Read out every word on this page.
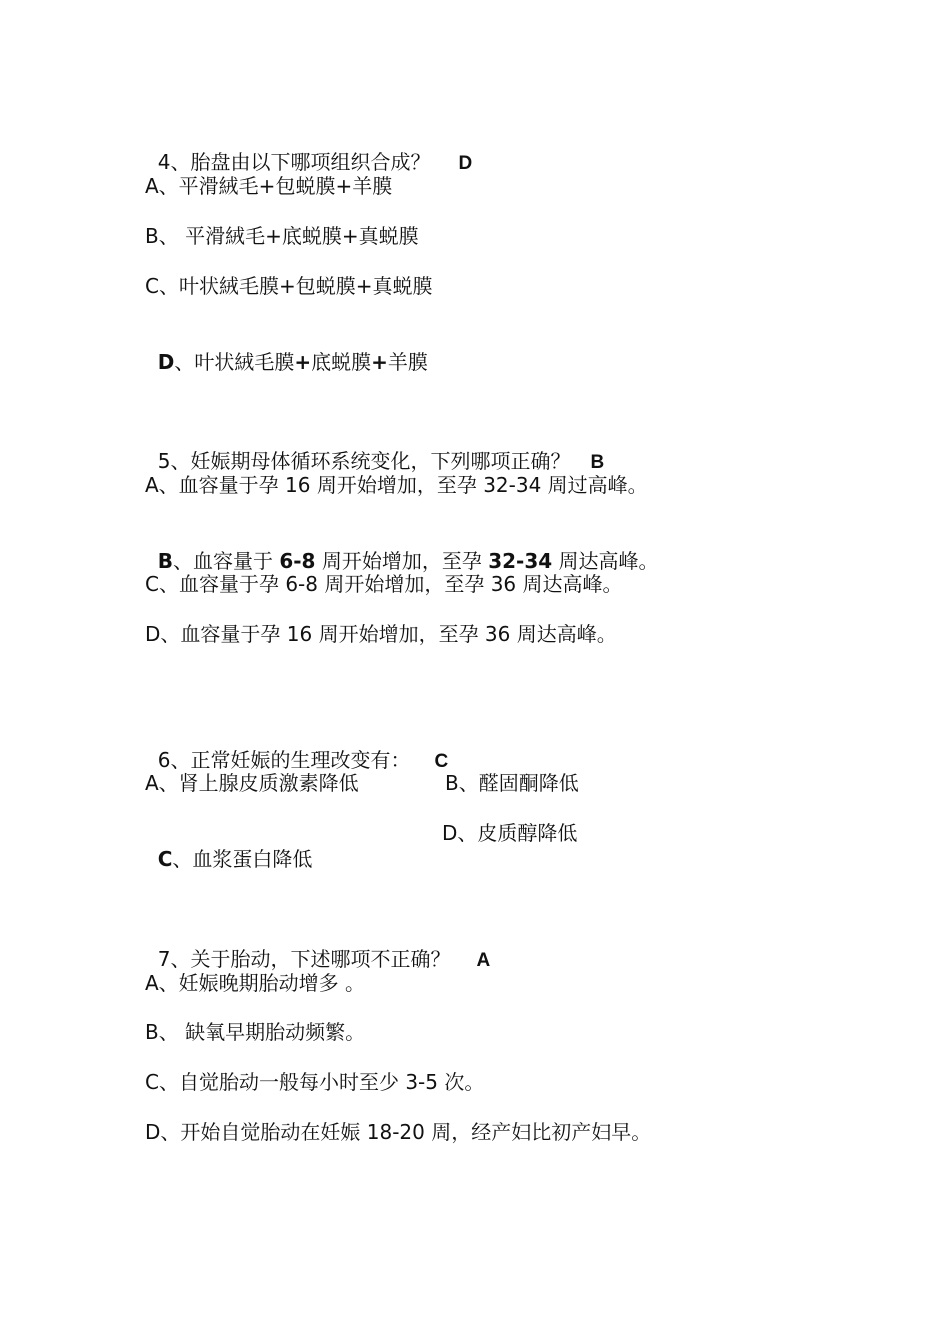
4、胎盘由以下哪项组织合成？ D

A、平滑絨毛+包蜕膜+羊膜
B、 平滑絨毛+底蜕膜+真蜕膜
C、叶状絨毛膜+包蜕膜+真蜕膜

D、叶状絨毛膜+底蜕膜+羊膜

5、妊娠期母体循环系统变化，下列哪项正确？ B

A、血容量于孕 16 周开始增加，至孕 32-34 周过高峰。

B、血容量于 6-8 周开始增加，至孕 32-34 周达高峰。

C、血容量于孕 6-8 周开始增加，至孕 36 周达高峰。
D、血容量于孕 16 周开始增加，至孕 36 周达高峰。

6、正常妊娠的生理改变有： C

A、肾上腺皮质激素降低	B、醛固酮降低

C、血浆蛋白降低

D、皮质醇降低

7、关于胎动，下述哪项不正确？ A

A、妊娠晚期胎动增多 。
B、 缺氧早期胎动频繁。
C、自觉胎动一般每小时至少 3-5 次。
D、开始自觉胎动在妊娠 18-20 周，经产妇比初产妇早。
